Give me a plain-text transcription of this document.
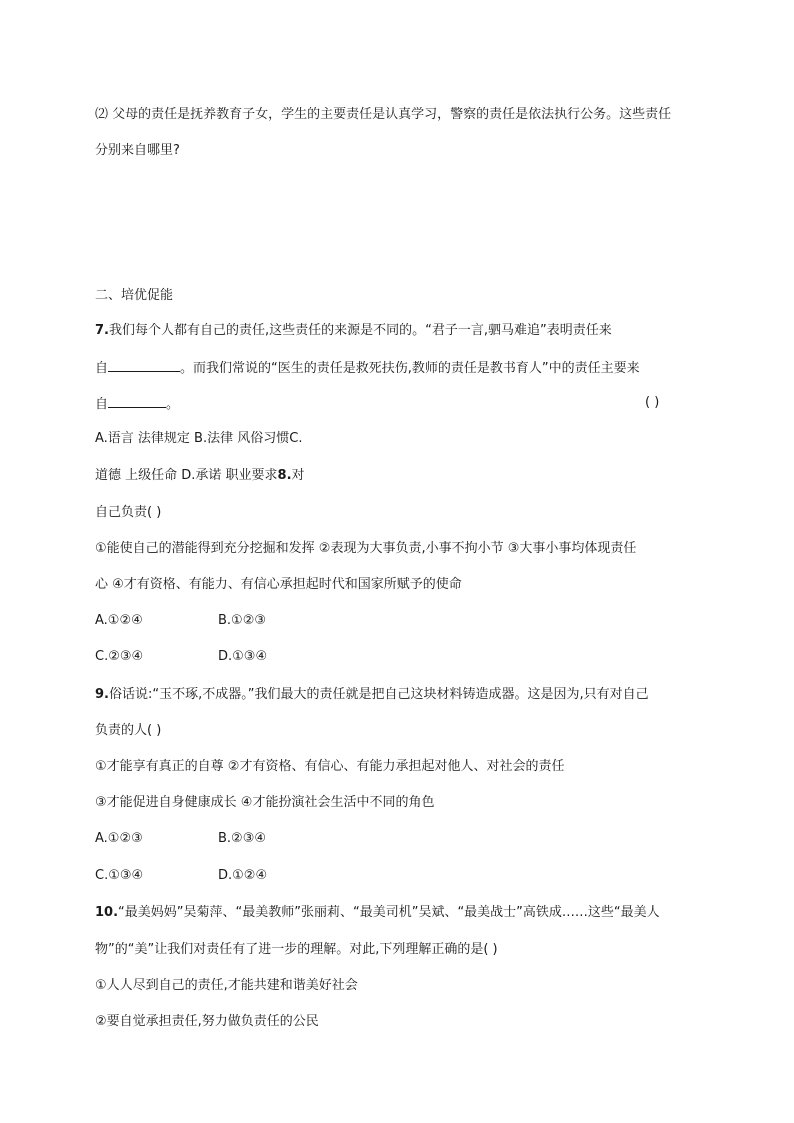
⑵ 父母的责任是抚养教育子女，学生的主要责任是认真学习，警察的责任是依法执行公务。这些责任
分别来自哪里?
二、培优促能
7.我们每个人都有自己的责任,这些责任的来源是不同的。“君子一言,驷马难追”表明责任来
自	。而我们常说的“医生的责任是救死扶伤,教师的责任是教书育人”中的责任主要来
自	。	( )
A.语言 法律规定 B.法律 风俗习惯C.
道德 上级任命 D.承诺 职业要求8.对
自己负责( )
①能使自己的潜能得到充分挖掘和发挥 ②表现为大事负责,小事不拘小节 ③大事小事均体现责任
心 ④才有资格、有能力、有信心承担起时代和国家所赋予的使命
A.①②④	B.①②③
C.②③④	D.①③④
9.俗话说:“玉不琢,不成器。”我们最大的责任就是把自己这块材料铸造成器。这是因为,只有对自己
负责的人( )
①才能享有真正的自尊 ②才有资格、有信心、有能力承担起对他人、对社会的责任
③才能促进自身健康成长 ④才能扮演社会生活中不同的角色
A.①②③	B.②③④
C.①③④	D.①②④
10.“最美妈妈”吴菊萍、“最美教师”张丽莉、“最美司机”吴斌、“最美战士”高铁成……这些“最美人
物”的“美”让我们对责任有了进一步的理解。对此,下列理解正确的是( )
①人人尽到自己的责任,才能共建和谐美好社会
②要自觉承担责任,努力做负责任的公民
